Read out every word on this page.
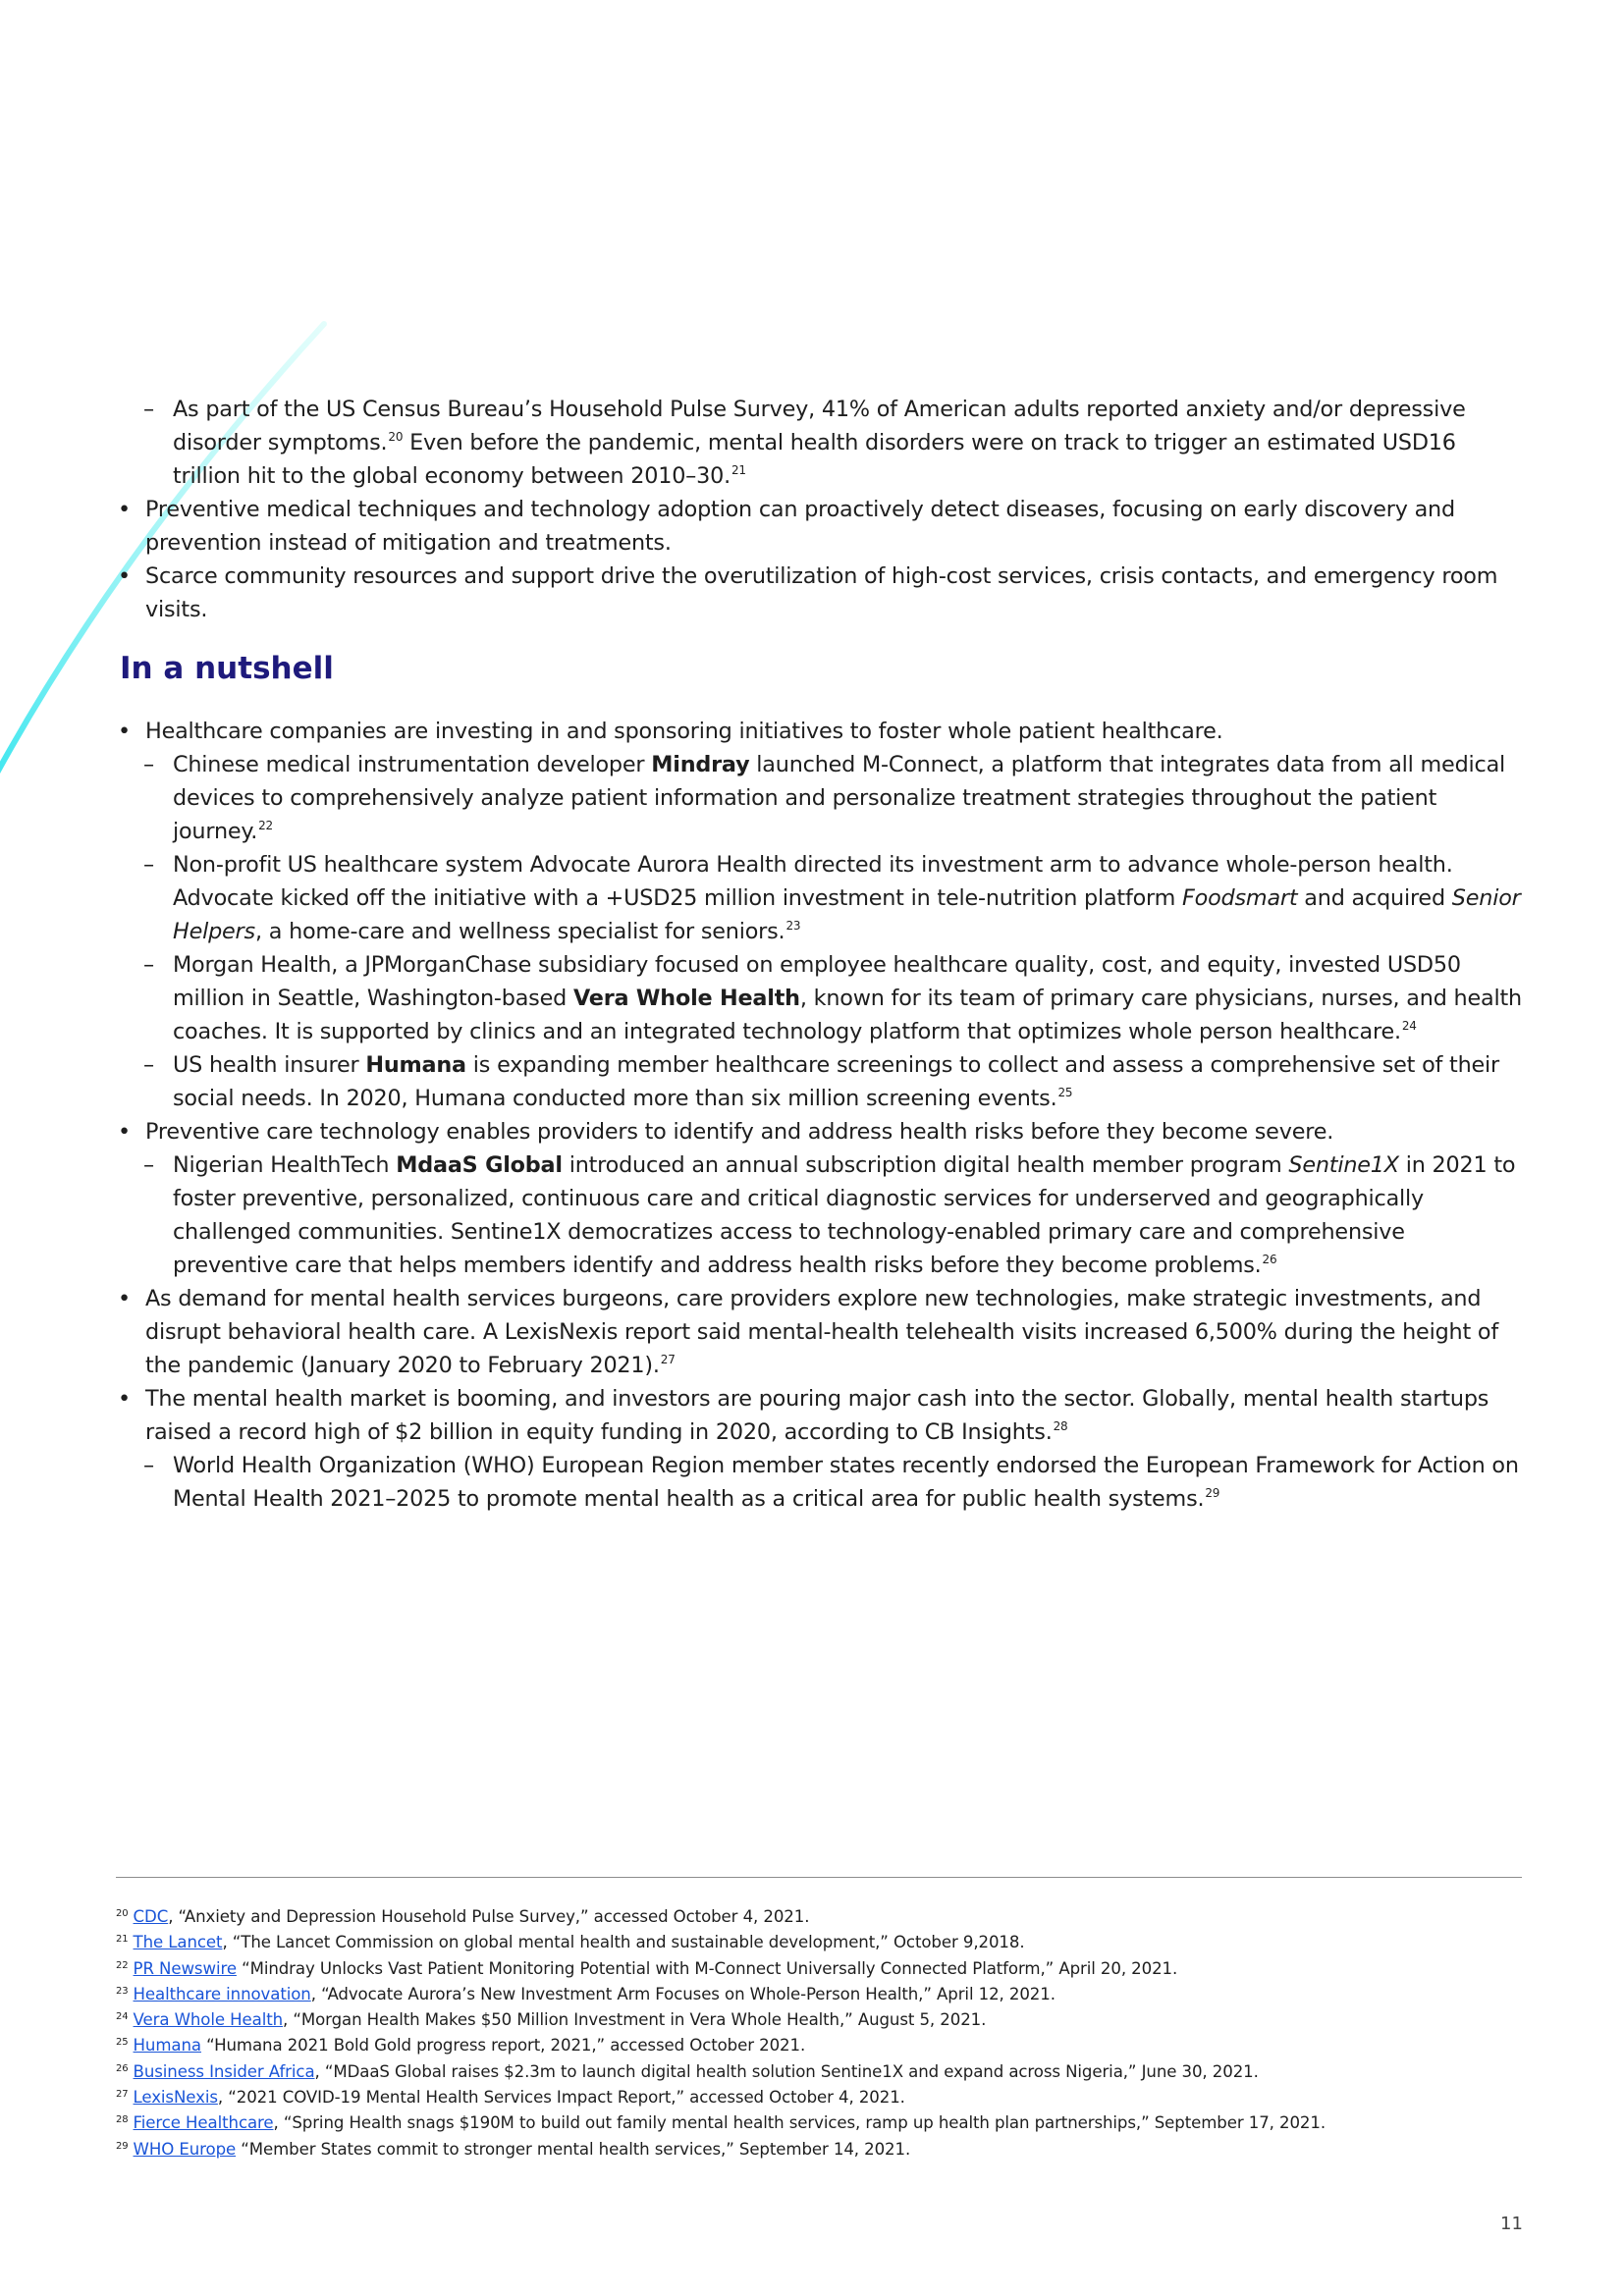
– As part of the US Census Bureau’s Household Pulse Survey, 41% of American adults reported anxiety and/or depressive disorder symptoms.$^{20}$ Even before the pandemic, mental health disorders were on track to trigger an estimated USD16 trillion hit to the global economy between 2010–30.21
• Preventive medical techniques and technology adoption can proactively detect diseases, focusing on early discovery and prevention instead of mitigation and treatments.
• Scarce community resources and support drive the overutilization of high-cost services, crisis contacts, and emergency room visits.
In a nutshell
• Healthcare companies are investing in and sponsoring initiatives to foster whole patient healthcare.
– Chinese medical instrumentation developer Mindray launched M-Connect, a platform that integrates data from all medical devices to comprehensively analyze patient information and personalize treatment strategies throughout the patient journey.$^{22}$
– Non-profit US healthcare system Advocate Aurora Health directed its investment arm to advance whole-person health. Advocate kicked off the initiative with a +USD25 million investment in tele-nutrition platform Foodsmart and acquired Senior Helpers, a home-care and wellness specialist for seniors.$^{23}$
– Morgan Health, a JPMorganChase subsidiary focused on employee healthcare quality, cost, and equity, invested USD50 million in Seattle, Washington-based Vera Whole Health, known for its team of primary care physicians, nurses, and health coaches. It is supported by clinics and an integrated technology platform that optimizes whole person healthcare.$^{24}$
– US health insurer Humana is expanding member healthcare screenings to collect and assess a comprehensive set of their social needs. In 2020, Humana conducted more than six million screening events.$^{25}$
• Preventive care technology enables providers to identify and address health risks before they become severe.
– Nigerian HealthTech MdaaS Global introduced an annual subscription digital health member program Sentine1X in 2021 to foster preventive, personalized, continuous care and critical diagnostic services for underserved and geographically challenged communities. Sentine1X democratizes access to technology-enabled primary care and comprehensive preventive care that helps members identify and address health risks before they become problems.$^{26}$
• As demand for mental health services burgeons, care providers explore new technologies, make strategic investments, and disrupt behavioral health care. A LexisNexis report said mental-health telehealth visits increased 6,500% during the height of the pandemic (January 2020 to February 2021).$^{27}$
• The mental health market is booming, and investors are pouring major cash into the sector. Globally, mental health startups raised a record high of $2 billion in equity funding in 2020, according to CB Insights.$^{28}$
– World Health Organization (WHO) European Region member states recently endorsed the European Framework for Action on Mental Health 2021–2025 to promote mental health as a critical area for public health systems.$^{29}$

$^{20}$ CDC, “Anxiety and Depression Household Pulse Survey,” accessed October 4, 2021.

$^{21}$ The Lancet, “The Lancet Commission on global mental health and sustainable development,” October 9,2018.

$^{22}$ PR Newswire “Mindray Unlocks Vast Patient Monitoring Potential with M-Connect Universally Connected Platform,” April 20, 2021.

$^{23}$ Healthcare innovation, “Advocate Aurora’s New Investment Arm Focuses on Whole-Person Health,” April 12, 2021.

$^{24}$ Vera Whole Health, “Morgan Health Makes $50 Million Investment in Vera Whole Health,” August 5, 2021.

$^{25}$ Humana “Humana 2021 Bold Gold progress report, 2021,” accessed October 2021.

$^{26}$ Business Insider Africa, “MDaaS Global raises $2.3m to launch digital health solution Sentine1X and expand across Nigeria,” June 30, 2021.

$^{27}$ LexisNexis, “2021 COVID-19 Mental Health Services Impact Report,” accessed October 4, 2021.

$^{28}$ Fierce Healthcare, “Spring Health snags $190M to build out family mental health services, ramp up health plan partnerships,” September 17, 2021.

$^{29}$ WHO Europe “Member States commit to stronger mental health services,” September 14, 2021.

11
